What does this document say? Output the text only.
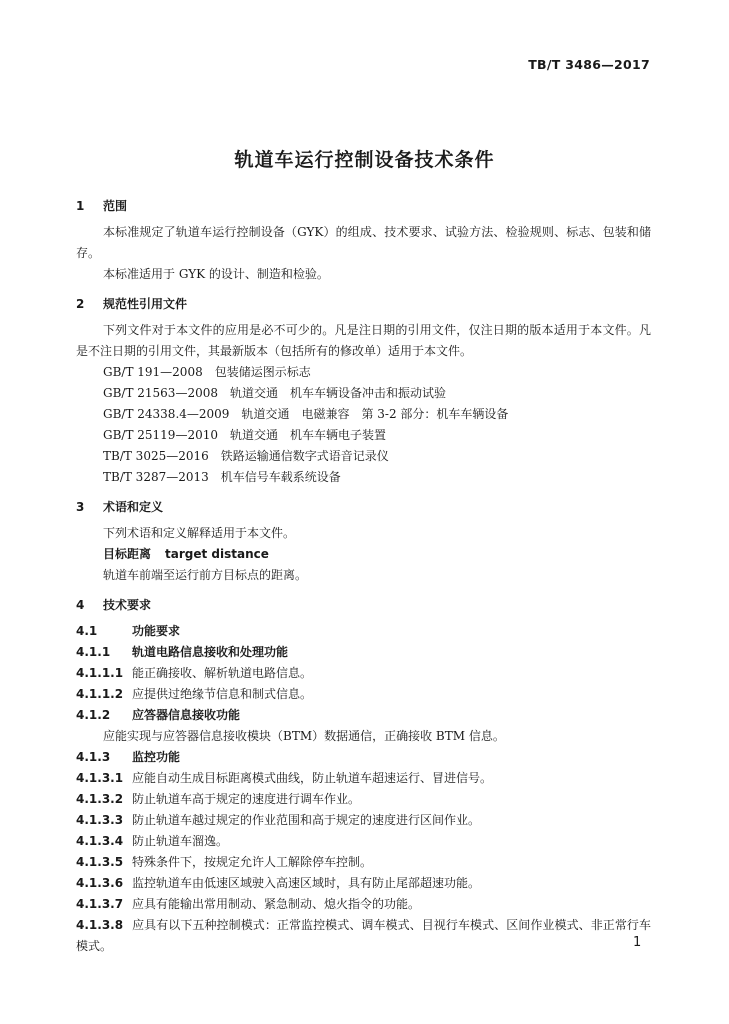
TB/T 3486—2017
轨道车运行控制设备技术条件
1 范围
本标准规定了轨道车运行控制设备（GYK）的组成、技术要求、试验方法、检验规则、标志、包装和储存。
本标准适用于 GYK 的设计、制造和检验。
2 规范性引用文件
下列文件对于本文件的应用是必不可少的。凡是注日期的引用文件，仅注日期的版本适用于本文件。凡是不注日期的引用文件，其最新版本（包括所有的修改单）适用于本文件。
GB/T 191—2008 包装储运图示标志
GB/T 21563—2008 轨道交通　机车车辆设备冲击和振动试验
GB/T 24338.4—2009 轨道交通　电磁兼容　第 3-2 部分：机车车辆设备
GB/T 25119—2010 轨道交通　机车车辆电子装置
TB/T 3025—2016 铁路运输通信数字式语音记录仪
TB/T 3287—2013 机车信号车载系统设备
3 术语和定义
下列术语和定义解释适用于本文件。
目标距离 target distance
轨道车前端至运行前方目标点的距离。
4 技术要求
4.1	功能要求
4.1.1 轨道电路信息接收和处理功能
4.1.1.1 能正确接收、解析轨道电路信息。
4.1.1.2 应提供过绝缘节信息和制式信息。
4.1.2 应答器信息接收功能
应能实现与应答器信息接收模块（BTM）数据通信，正确接收 BTM 信息。
4.1.3 监控功能
4.1.3.1 应能自动生成目标距离模式曲线，防止轨道车超速运行、冒进信号。
4.1.3.2 防止轨道车高于规定的速度进行调车作业。
4.1.3.3 防止轨道车越过规定的作业范围和高于规定的速度进行区间作业。
4.1.3.4 防止轨道车溜逸。
4.1.3.5 特殊条件下，按规定允许人工解除停车控制。
4.1.3.6 监控轨道车由低速区域驶入高速区域时，具有防止尾部超速功能。
4.1.3.7 应具有能输出常用制动、紧急制动、熄火指令的功能。
4.1.3.8 应具有以下五种控制模式：正常监控模式、调车模式、目视行车模式、区间作业模式、非正常行车模式。	1
